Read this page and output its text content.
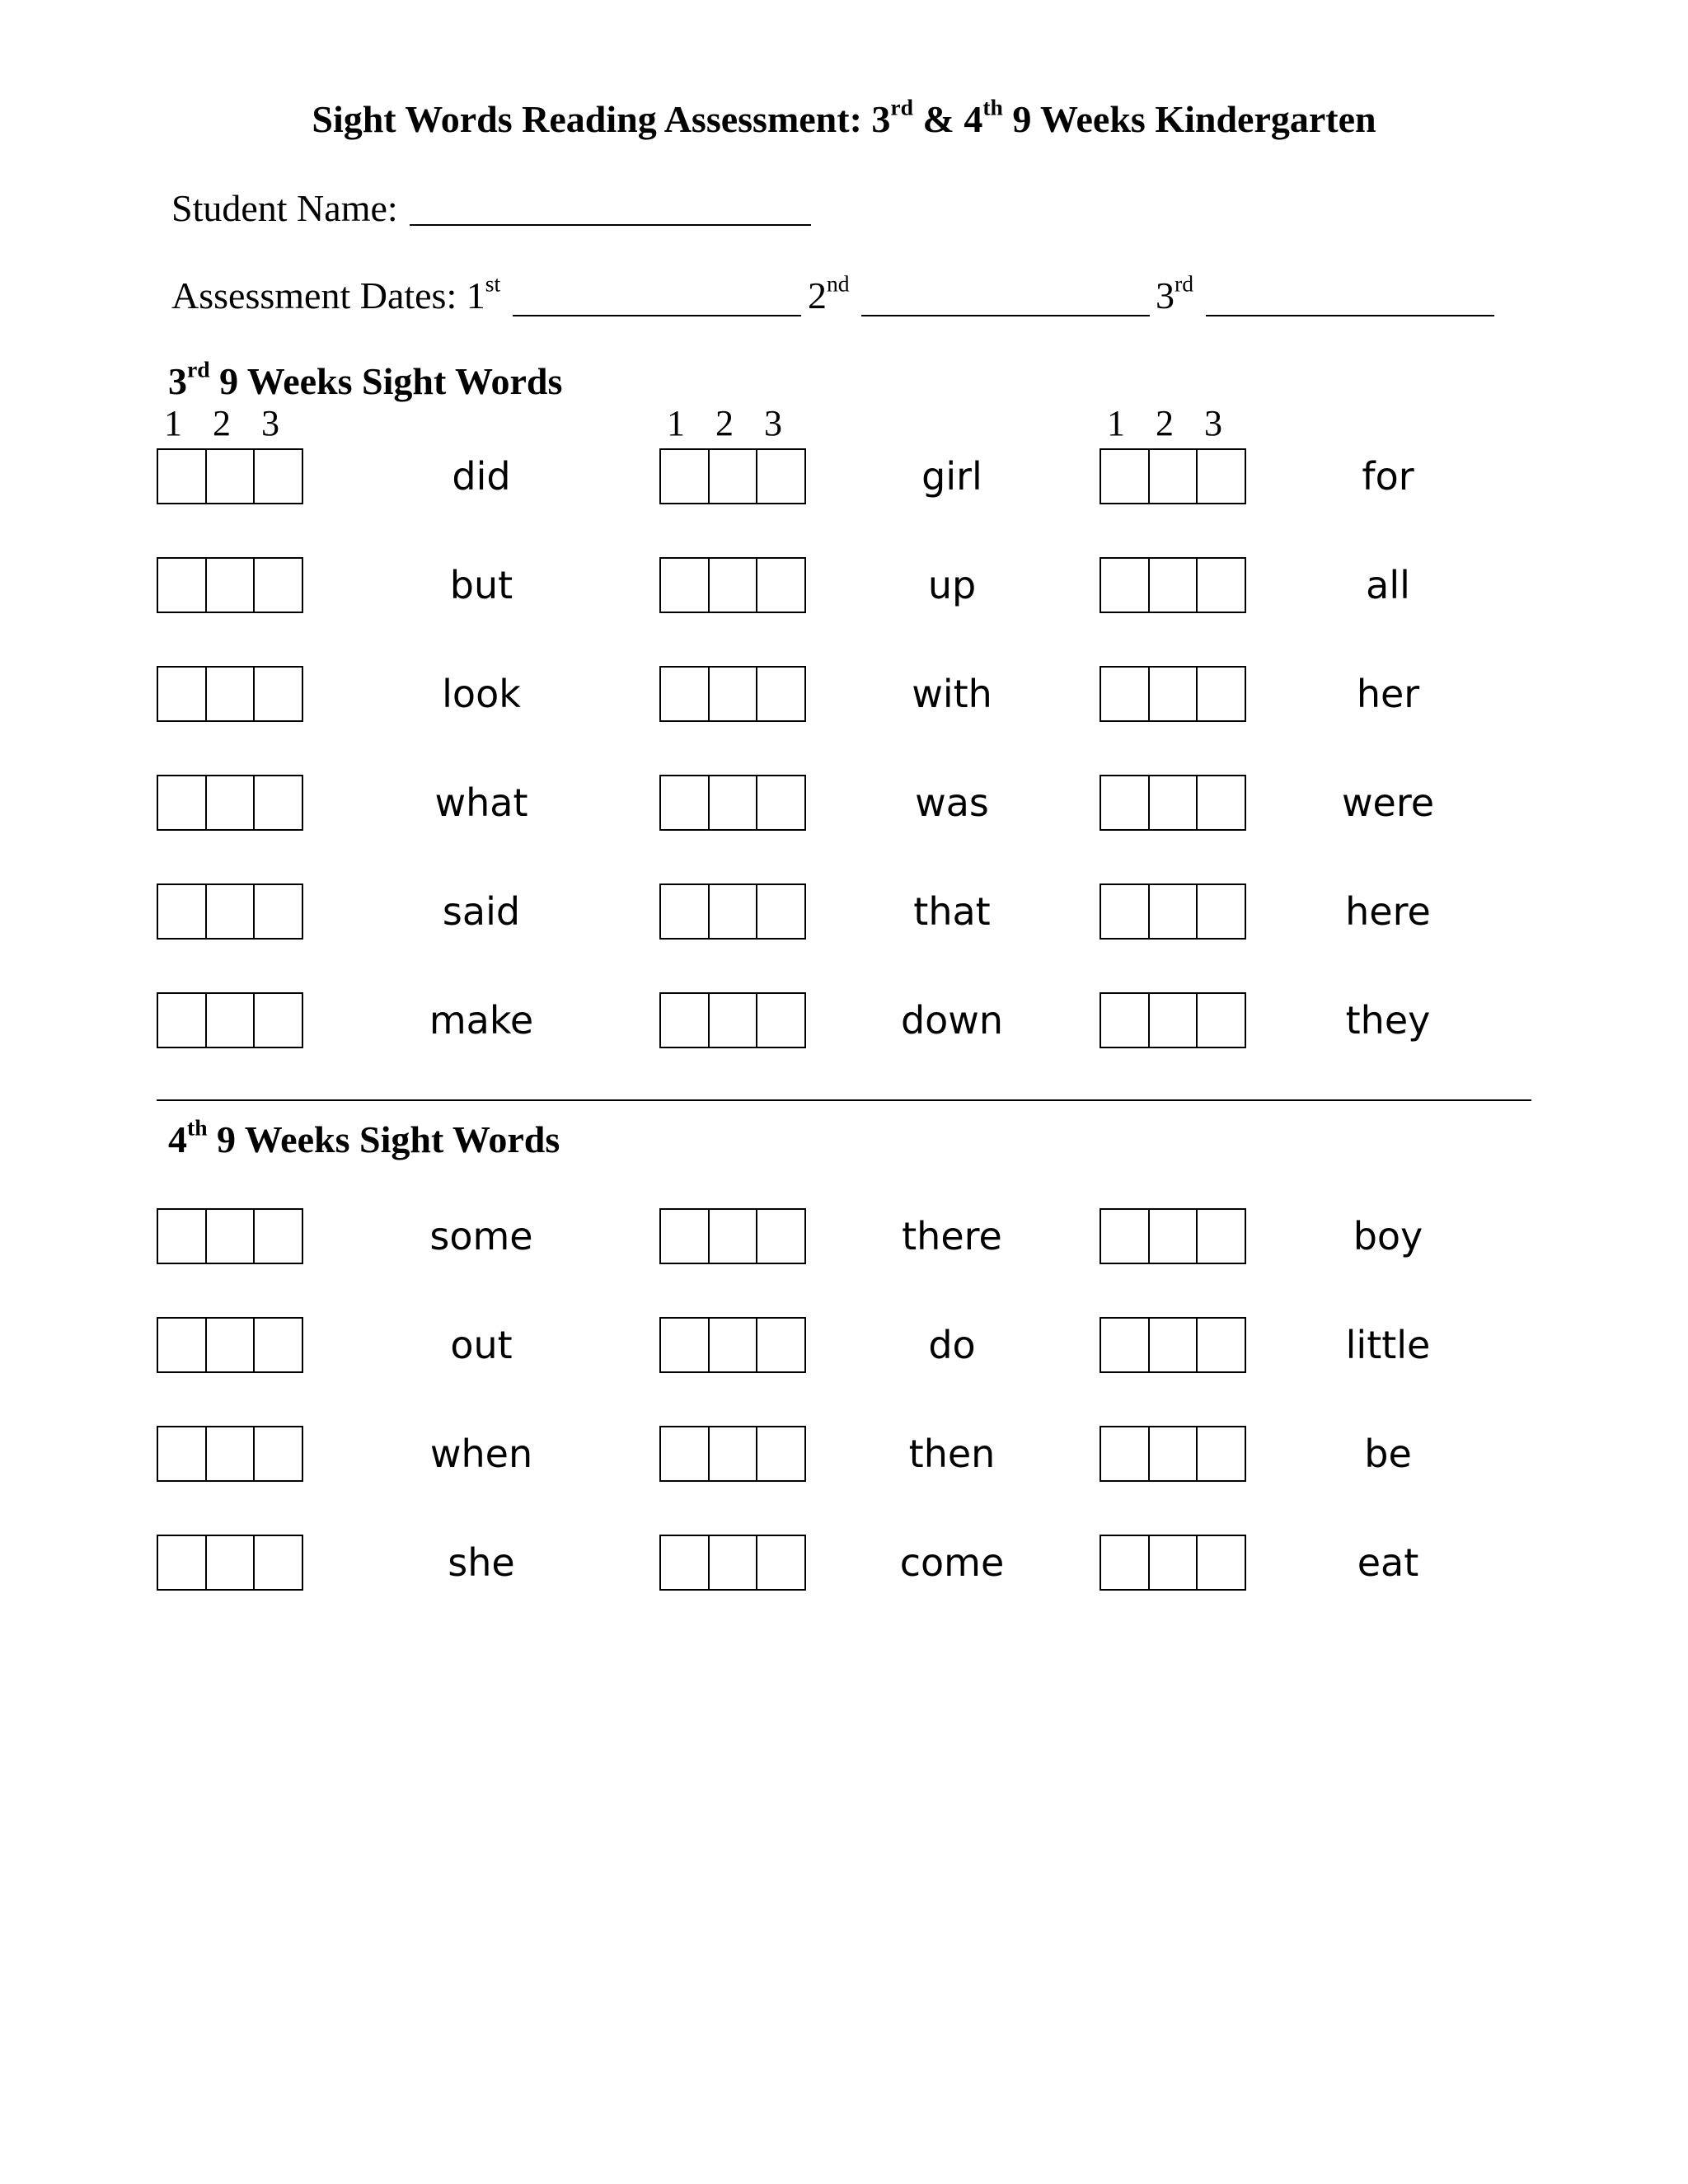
Sight Words Reading Assessment: 3rd & 4th 9 Weeks Kindergarten
Student Name:
Assessment Dates: 1st	2nd	3rd
3rd 9 Weeks Sight Words
1 2 3	1 2 3	1 2 3
did	girl	for
but	up	all
look	with	her
what	was	were
said	that	here
make	down	they
4th 9 Weeks Sight Words
some	there	boy
out	do	little
when	then	be
she	come	eat
